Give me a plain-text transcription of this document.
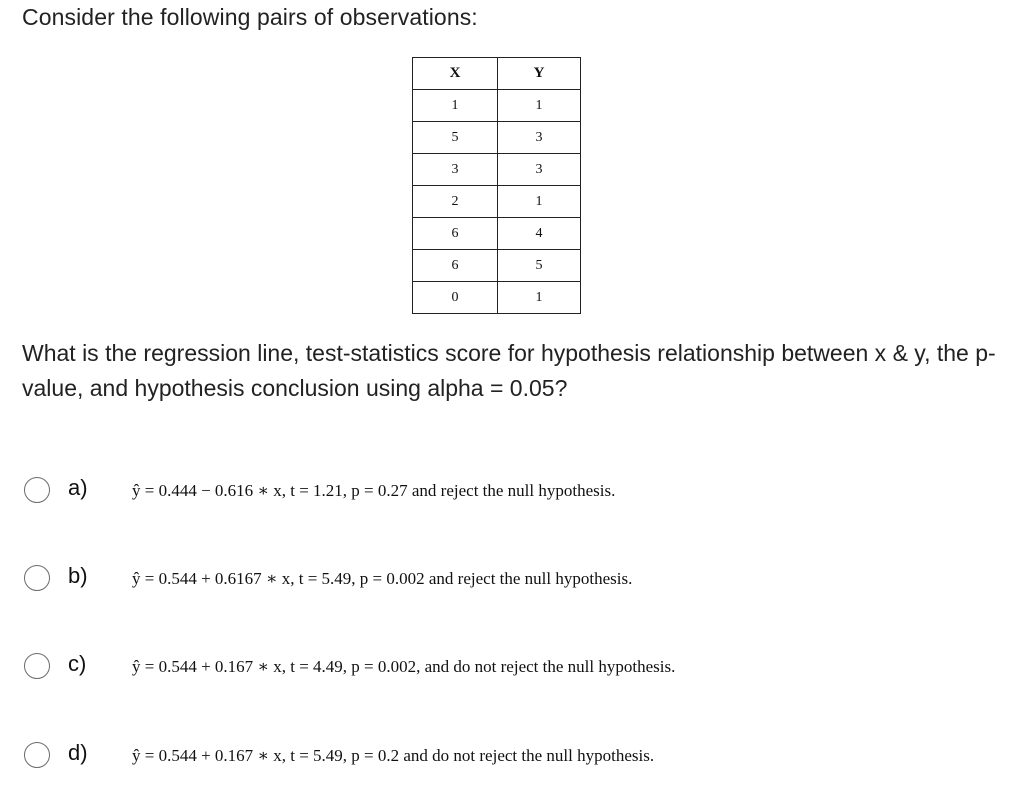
Consider the following pairs of observations:
X	Y
1	1
5	3
3	3
2	1
6	4
6	5
0	1

What is the regression line, test-statistics score for hypothesis relationship between x & y, the p-value, and hypothesis conclusion using alpha = 0.05?

a)	ŷ = 0.444 − 0.616 ∗ x, t = 1.21, p = 0.27 and reject the null hypothesis.
b)	ŷ = 0.544 + 0.6167 ∗ x, t = 5.49, p = 0.002 and reject the null hypothesis.
c)	ŷ = 0.544 + 0.167 ∗ x, t = 4.49, p = 0.002, and do not reject the null hypothesis.
d)	ŷ = 0.544 + 0.167 ∗ x, t = 5.49, p = 0.2 and do not reject the null hypothesis.
